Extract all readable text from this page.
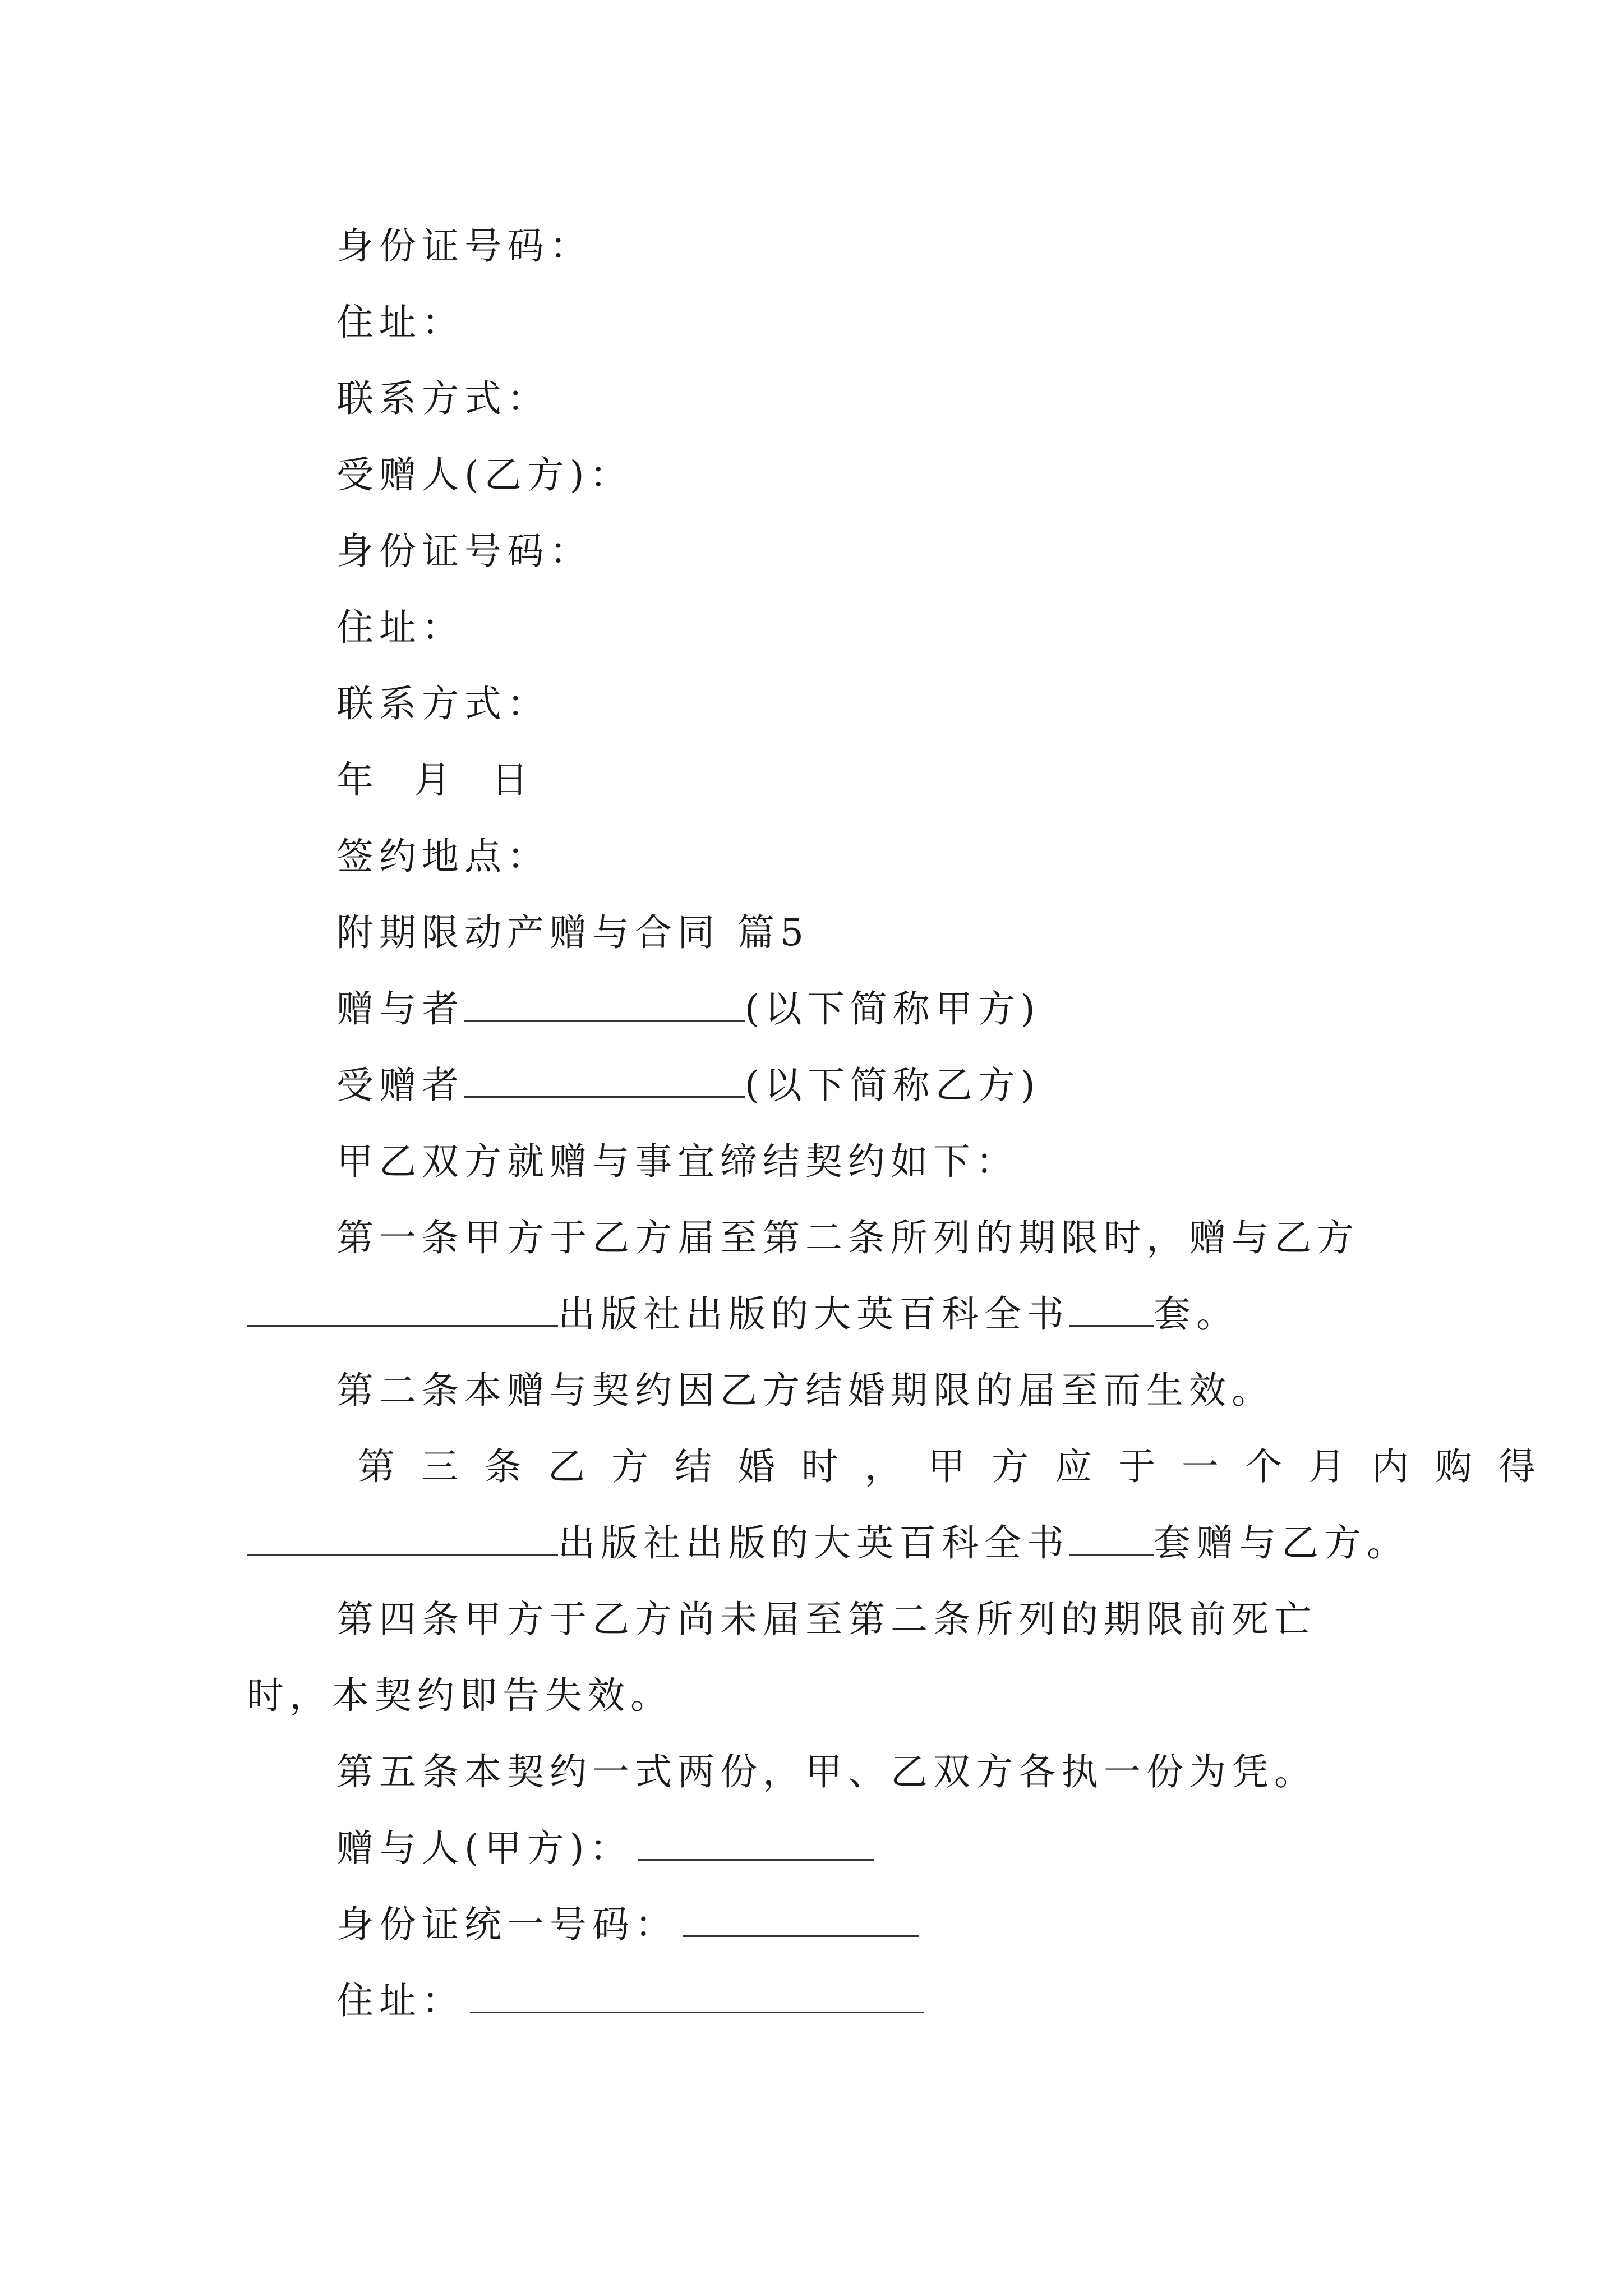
身份证号码：
住址：
联系方式：
受赠人(乙方)：
身份证号码：
住址：
联系方式：
年  月  日
签约地点：
附期限动产赠与合同 篇5
赠与者	(以下简称甲方)
受赠者	(以下简称乙方)
甲乙双方就赠与事宜缔结契约如下：
第一条甲方于乙方届至第二条所列的期限时，赠与乙方
出版社出版的大英百科全书 套。
第二条本赠与契约因乙方结婚期限的届至而生效。
第三条乙方结婚时，甲方应于一个月内购得
出版社出版的大英百科全书 套赠与乙方。
第四条甲方于乙方尚未届至第二条所列的期限前死亡
时，本契约即告失效。
第五条本契约一式两份，甲、乙双方各执一份为凭。
赠与人(甲方)：
身份证统一号码：
住址：
